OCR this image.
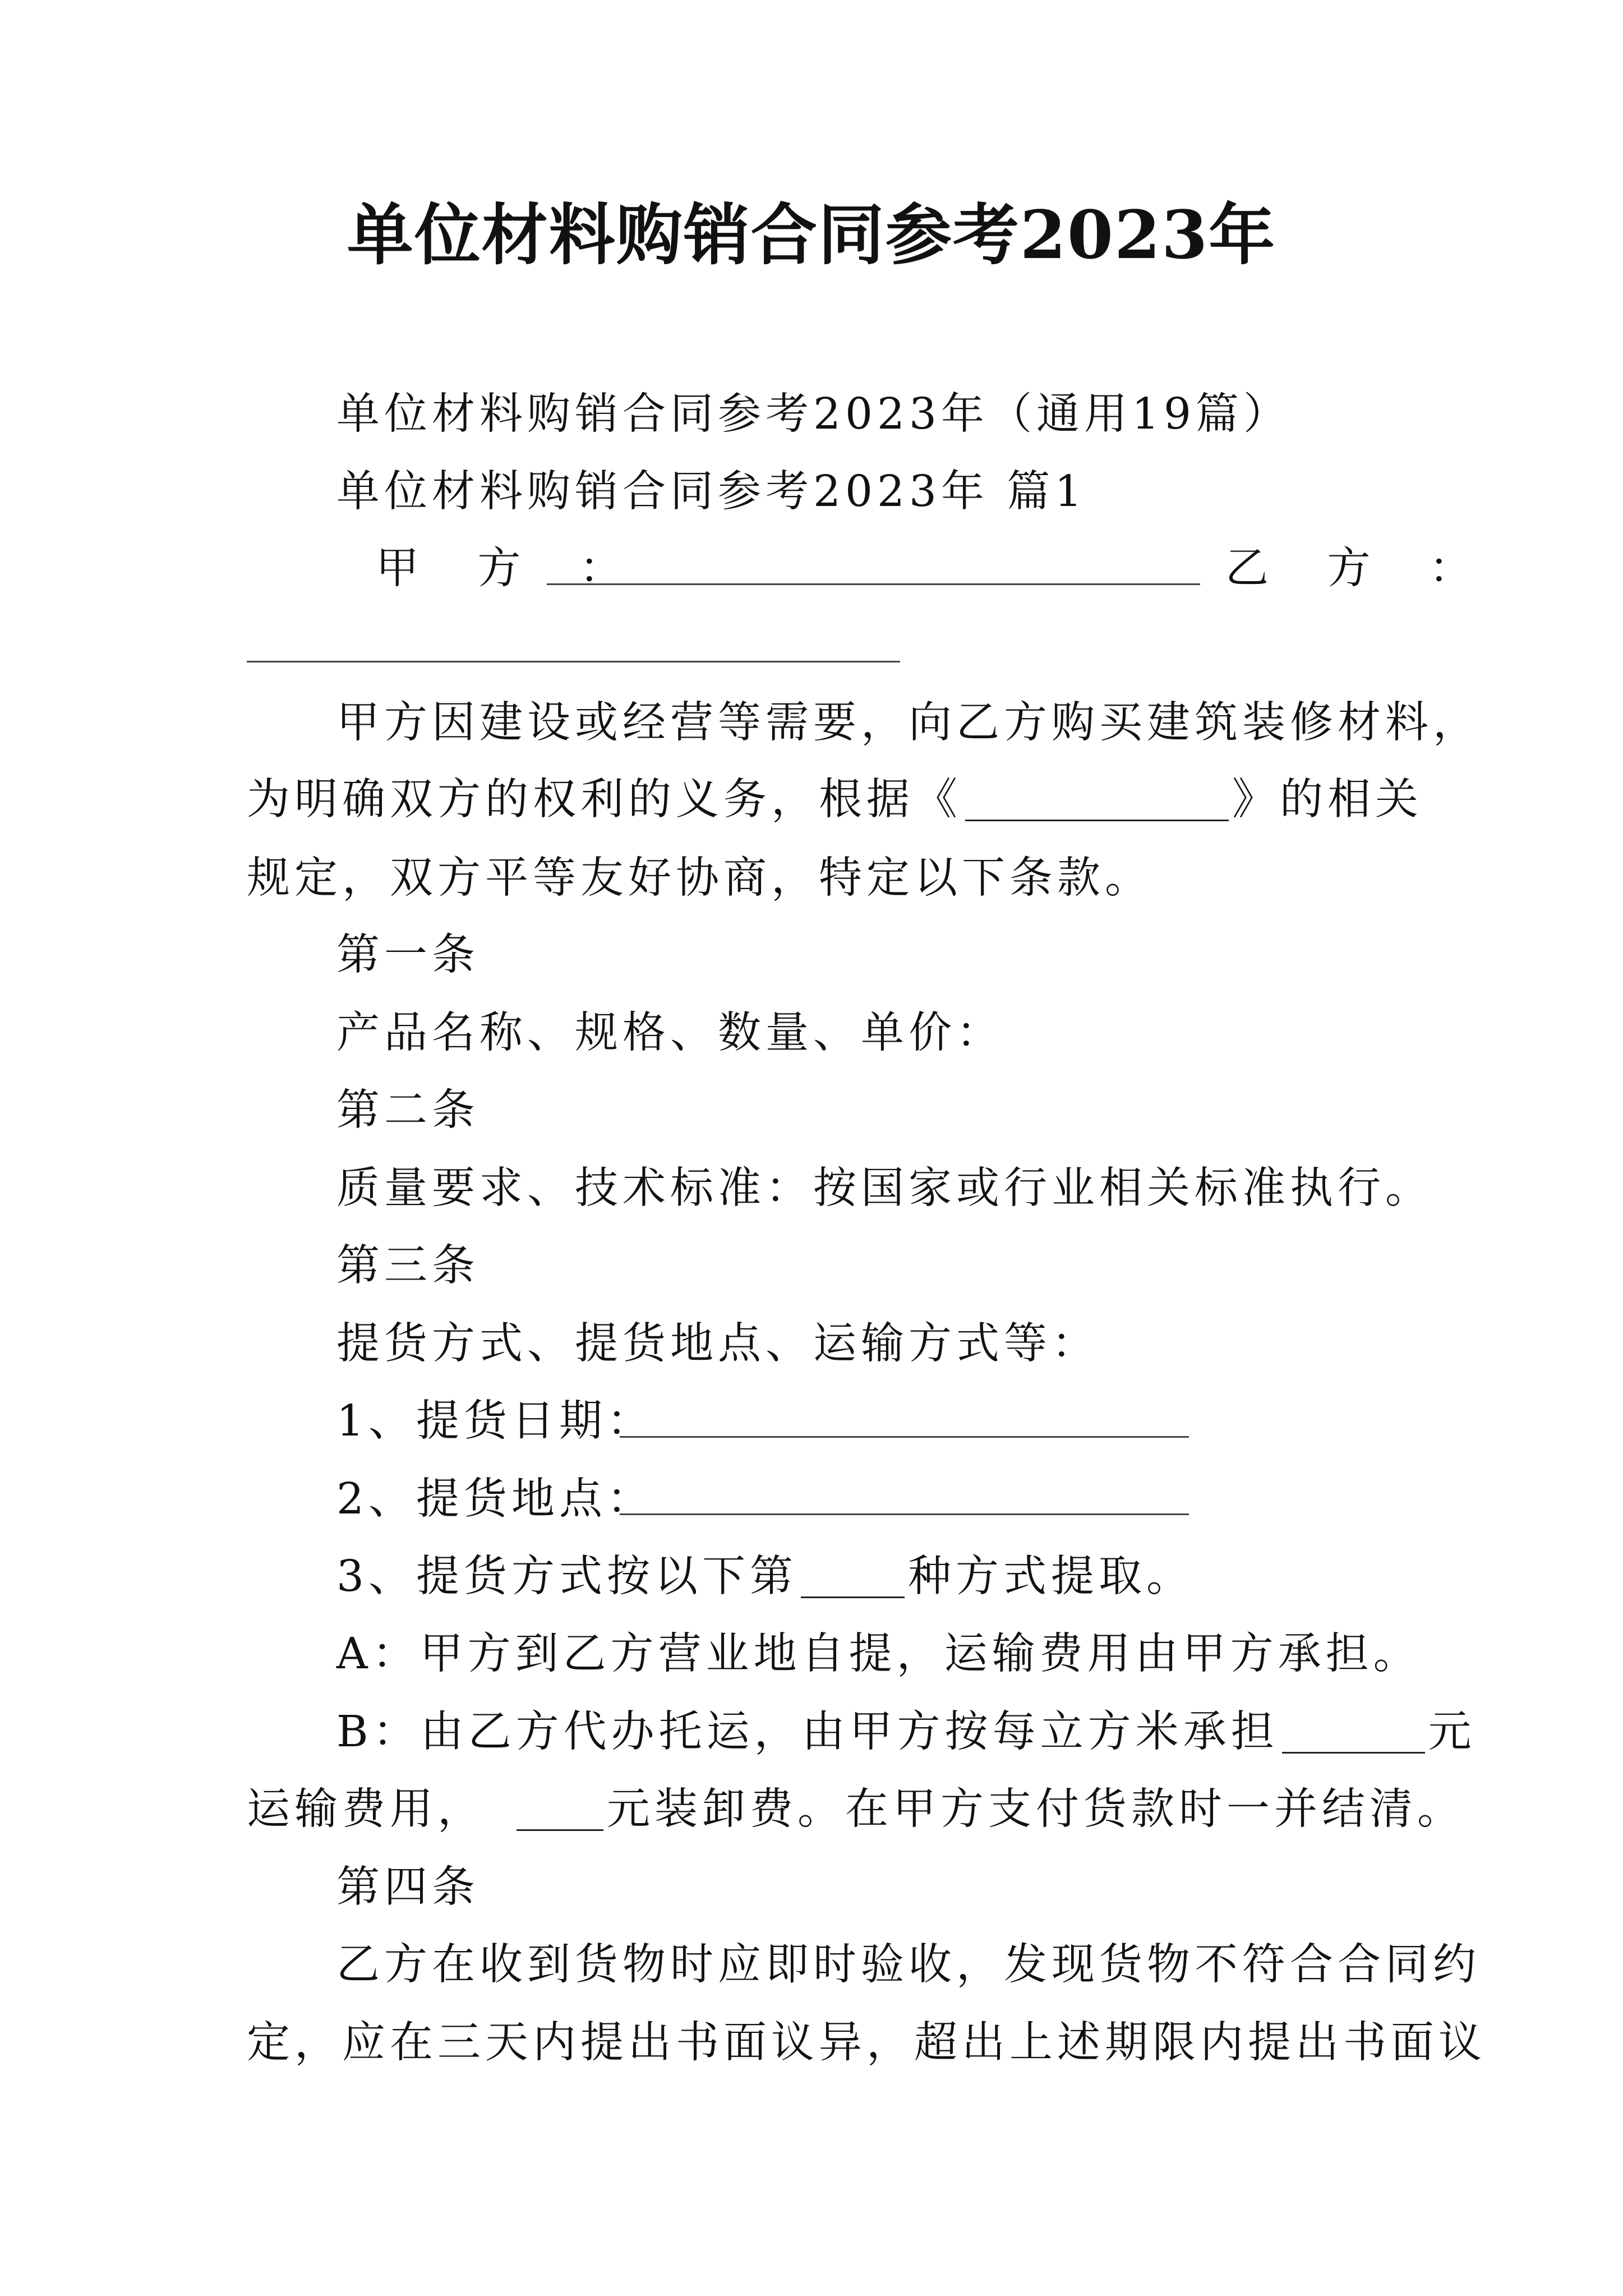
单位材料购销合同参考2023年
单位材料购销合同参考2023年（通用19篇）
单位材料购销合同参考2023年 篇1
甲 方 ：	乙 方 ：
甲方因建设或经营等需要，向乙方购买建筑装修材料，
为明确双方的权利的义务，根据《	》的相关
规定，双方平等友好协商，特定以下条款。
第一条
产品名称、规格、数量、单价：
第二条
质量要求、技术标准：按国家或行业相关标准执行。
第三条
提货方式、提货地点、运输方式等：
1、提货日期：
2、提货地点：
3、提货方式按以下第	种方式提取。
A：甲方到乙方营业地自提，运输费用由甲方承担。
B：由乙方代办托运，由甲方按每立方米承担	元
运输费用，	元装卸费。在甲方支付货款时一并结清。
第四条
乙方在收到货物时应即时验收，发现货物不符合合同约
定，应在三天内提出书面议异，超出上述期限内提出书面议
